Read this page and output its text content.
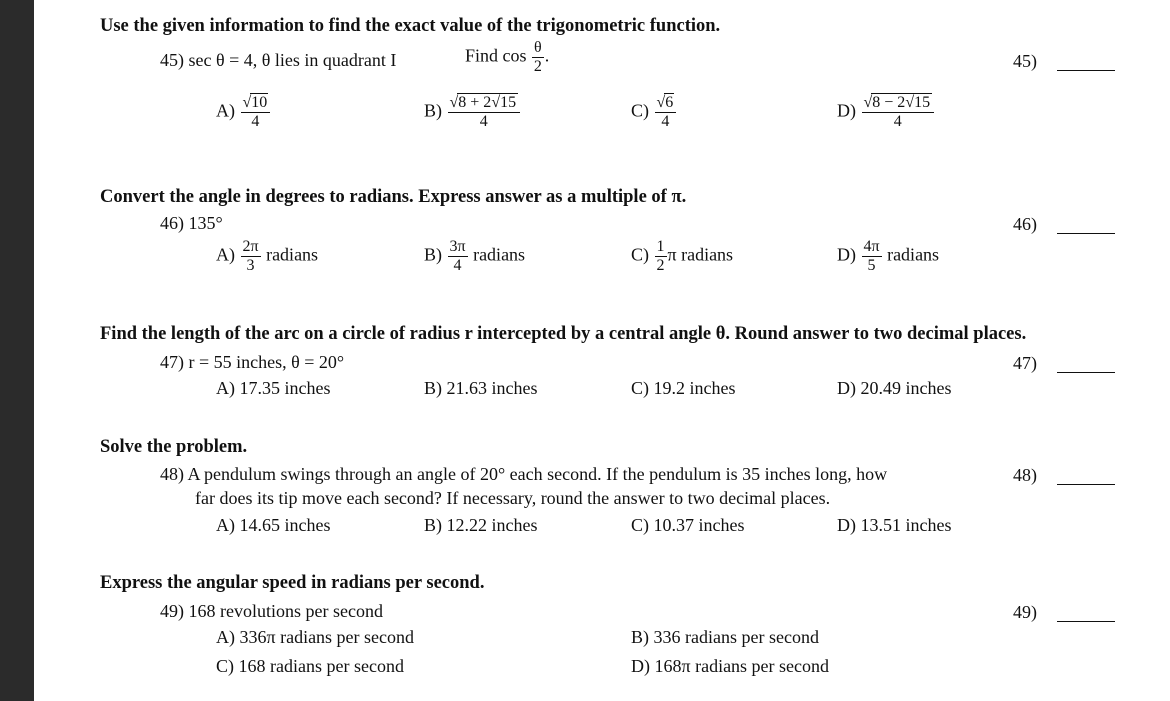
Use the given information to find the exact value of the trigonometric function.
45) sec θ = 4, θ lies in quadrant I	Find $\cos \frac{\theta}{2}$ .	45)
$A) \frac{√10}{4}$	$B) \frac{√8 + 2√15}{4}$	$C) \frac{√6}{4}$	$D) \frac{√8 - 2√15}{4}$
Convert the angle in degrees to radians. Express answer as a multiple of π.
46) 135°	46)
$A) \frac{2\pi}{3}$ radians	$B) \frac{3\pi}{4}$ radians	$C) \frac{1}{2}$ π radians	$D) \frac{4\pi}{5}$ radians
Find the length of the arc on a circle of radius r intercepted by a central angle θ. Round answer to two decimal places.
47) r = 55 inches, θ = 20°	47)
A) 17.35 inches	B) 21.63 inches	C) 19.2 inches	D) 20.49 inches
Solve the problem.
48) A pendulum swings through an angle of 20° each second. If the pendulum is 35 inches long, how
far does its tip move each second? If necessary, round the answer to two decimal places.
48)
A) 14.65 inches	B) 12.22 inches	C) 10.37 inches	D) 13.51 inches
Express the angular speed in radians per second.
49) 168 revolutions per second	49)
A) 336π radians per second	B) 336 radians per second
C) 168 radians per second	D) 168π radians per second
